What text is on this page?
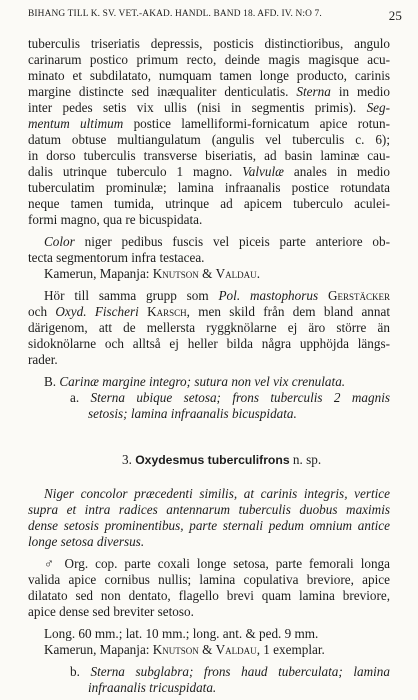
BIHANG TILL K. SV. VET.-AKAD. HANDL. BAND 18. AFD. IV. N:O 7.	25
tuberculis triseriatis depressis, posticis distinctioribus, angulo
carinarum postico primum recto, deinde magis magisque acu-
minato et subdilatato, numquam tamen longe producto, carinis
margine distincte sed inæqualiter denticulatis. Sterna in medio
inter pedes setis vix ullis (nisi in segmentis primis). Seg-
mentum ultimum postice lamelliformi-fornicatum apice rotun-
datum obtuse multiangulatum (angulis vel tuberculis c. 6);
in dorso tuberculis transverse biseriatis, ad basin laminæ cau-
dalis utrinque tuberculo 1 magno. Valvulæ anales in medio
tuberculatim prominulæ; lamina infraanalis postice rotundata
neque tamen tumida, utrinque ad apicem tuberculo aculei-
formi magno, qua re bicuspidata.
Color niger pedibus fuscis vel piceis parte anteriore ob-
tecta segmentorum infra testacea.
Kamerun, Mapanja: Knutson & Valdau.
Hör till samma grupp som Pol. mastophorus Gerstäcker
och Oxyd. Fischeri Karsch, men skild från dem bland annat
därigenom, att de mellersta ryggknölarne ej äro större än
sidoknölarne och alltså ej heller bilda några upphöjda längs-
rader.
B. Carinæ margine integro; sutura non vel vix crenulata.
a. Sterna ubique setosa; frons tuberculis 2 magnis
setosis; lamina infraanalis bicuspidata.
3. Oxydesmus tuberculifrons n. sp.
Niger concolor præcedenti similis, at carinis integris, vertice
supra et intra radices antennarum tuberculis duobus maximis
dense setosis prominentibus, parte sternali pedum omnium antice
longe setosa diversus.
♂ Org. cop. parte coxali longe setosa, parte femorali longa
valida apice cornibus nullis; lamina copulativa breviore, apice
dilatato sed non dentato, flagello brevi quam lamina breviore,
apice dense sed breviter setoso.
Long. 60 mm.; lat. 10 mm.; long. ant. & ped. 9 mm.
Kamerun, Mapanja: Knutson & Valdau, 1 exemplar.
b. Sterna subglabra; frons haud tuberculata; lamina
infraanalis tricuspidata.
